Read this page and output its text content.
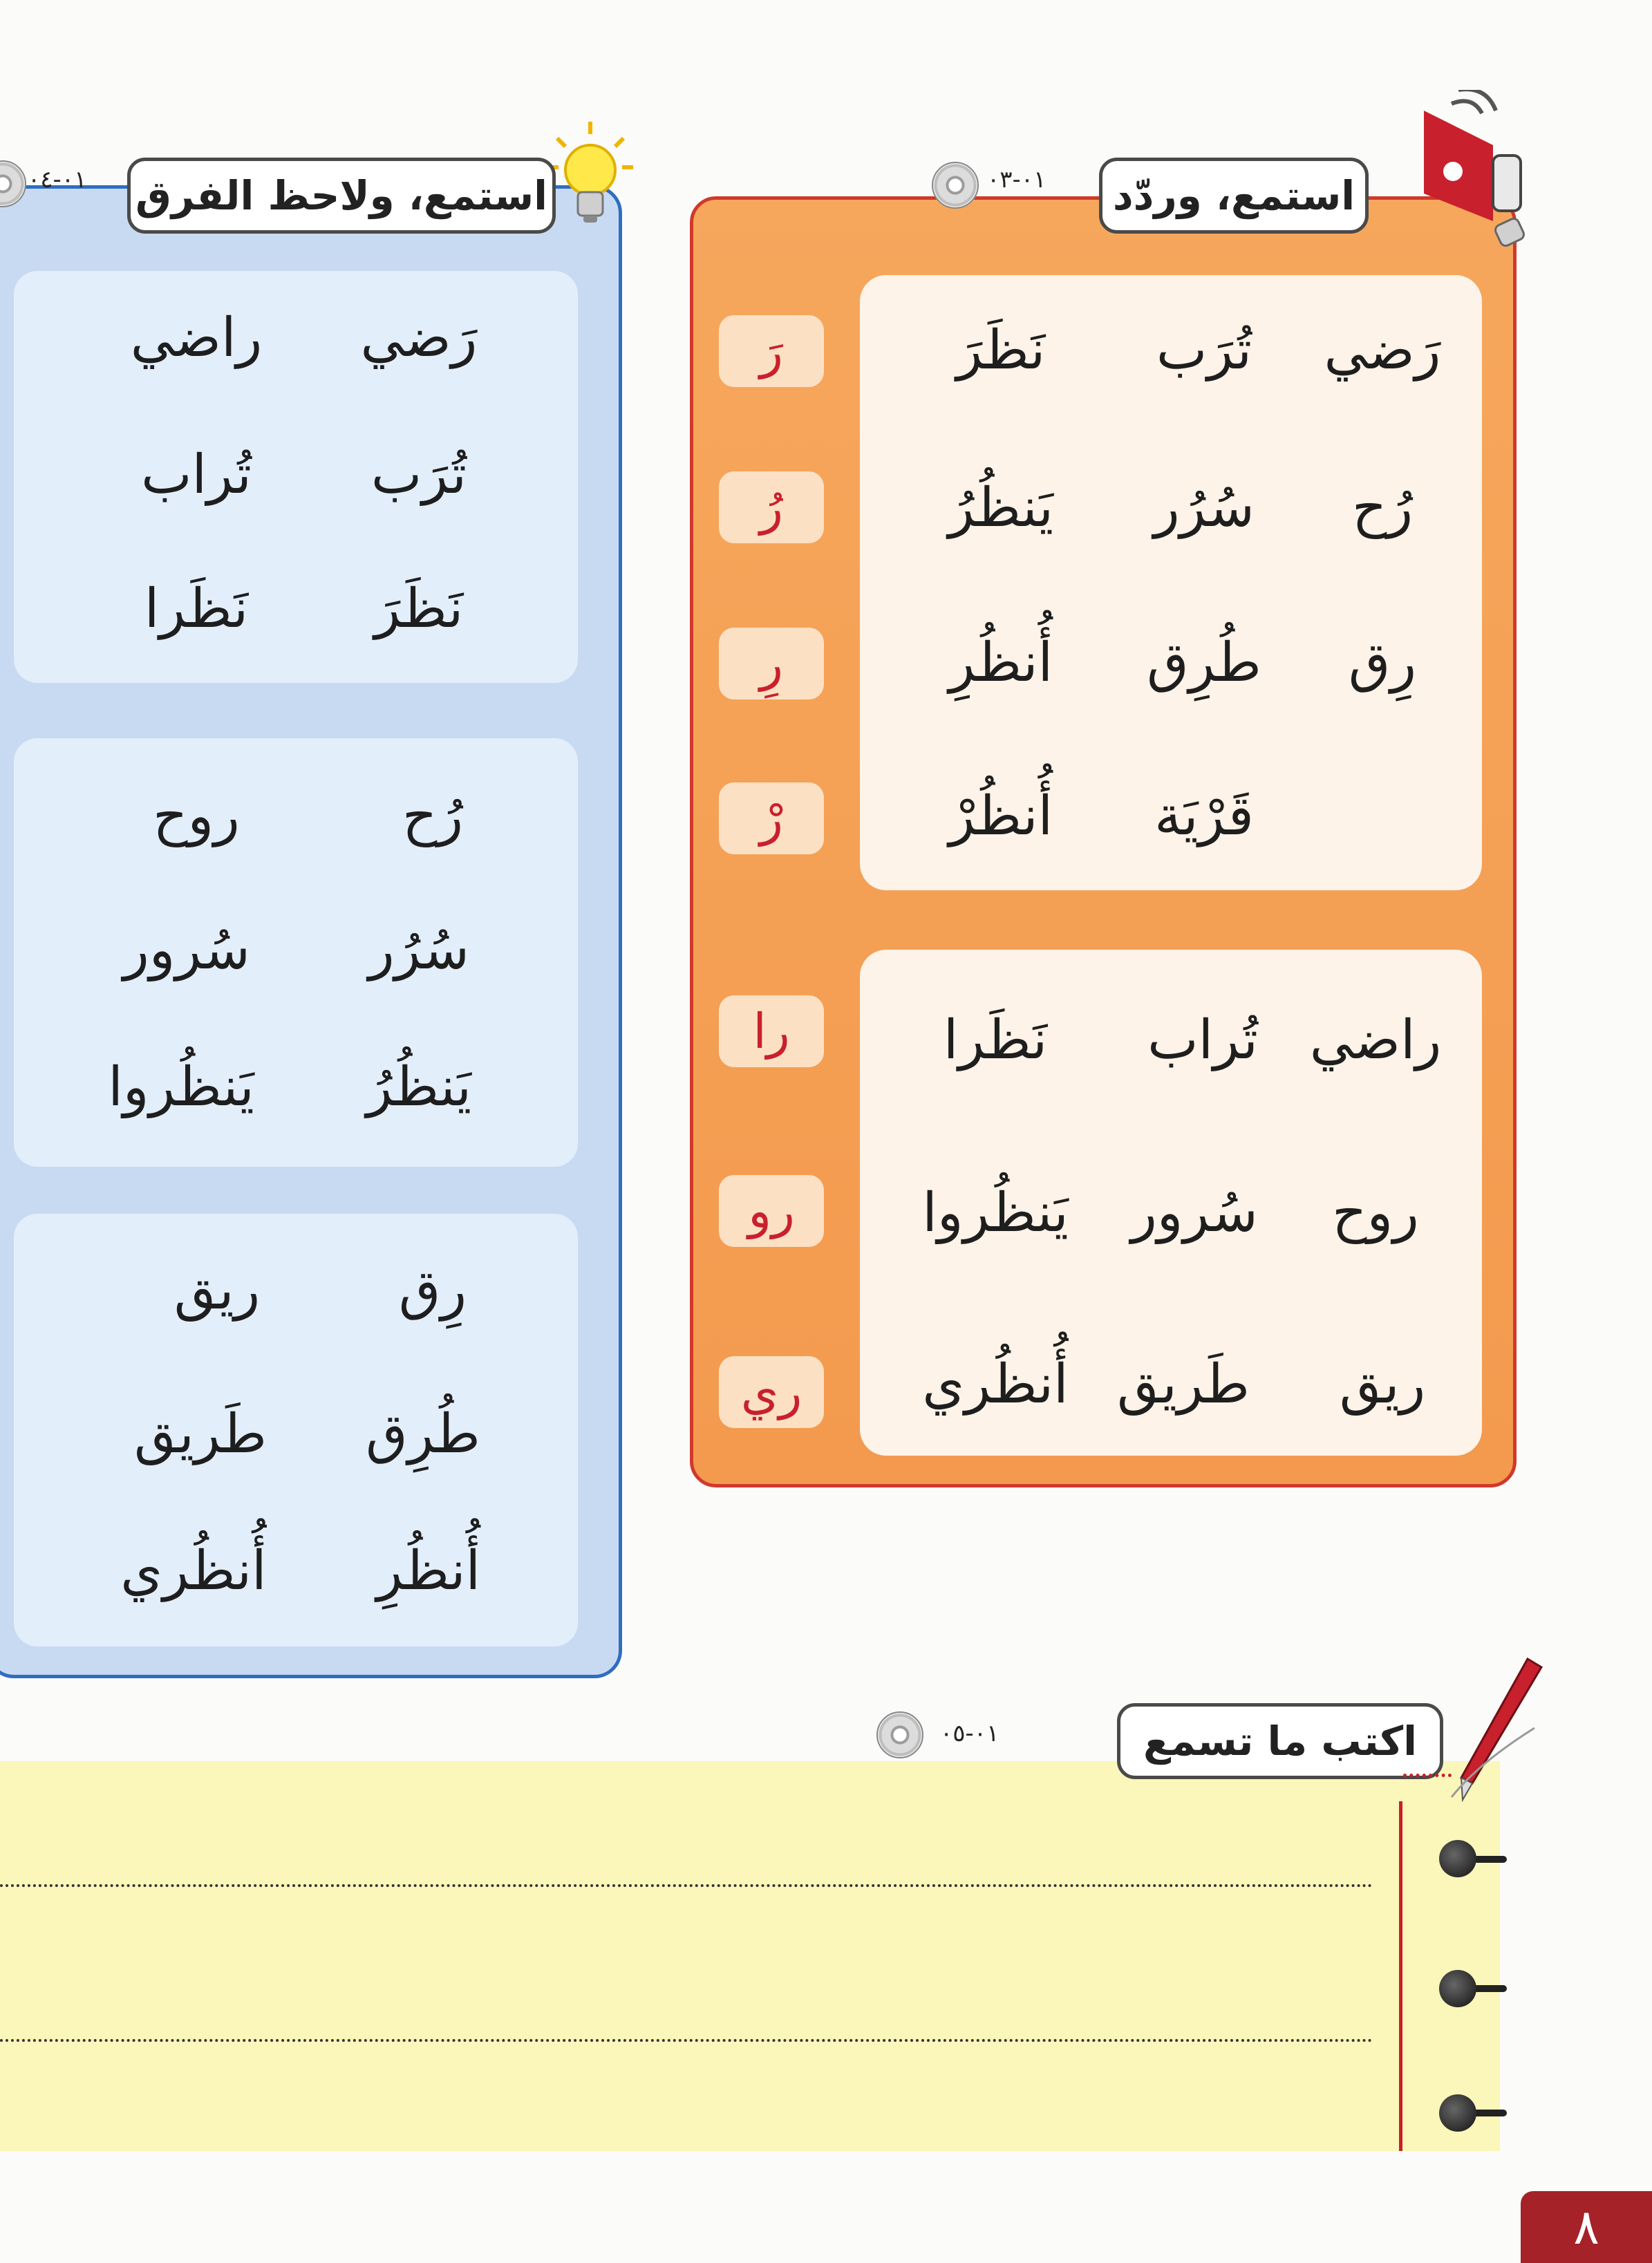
استمع، وردّد
٠١-٠٣
رَضي
تُرَب
نَظَرَ
رَ
رُح
سُرُر
يَنظُرُ
رُ
رِق
طُرِق
أُنظُرِ
رِ
قَرْيَة
أُنظُرْ
رْ
راضي
تُراب
نَظَرا
را
روح
سُرور
يَنظُروا
رو
ريق
طَريق
أُنظُري
ري
استمع، ولاحظ الفرق
٠١-٠٤
رَضي
راضي
تُرَب
تُراب
نَظَرَ
نَظَرا
رُح
روح
سُرُر
سُرور
يَنظُرُ
يَنظُروا
رِق
ريق
طُرِق
طَريق
أُنظُرِ
أُنظُري
اكتب ما تسمع
٠١-٠٥
٨
